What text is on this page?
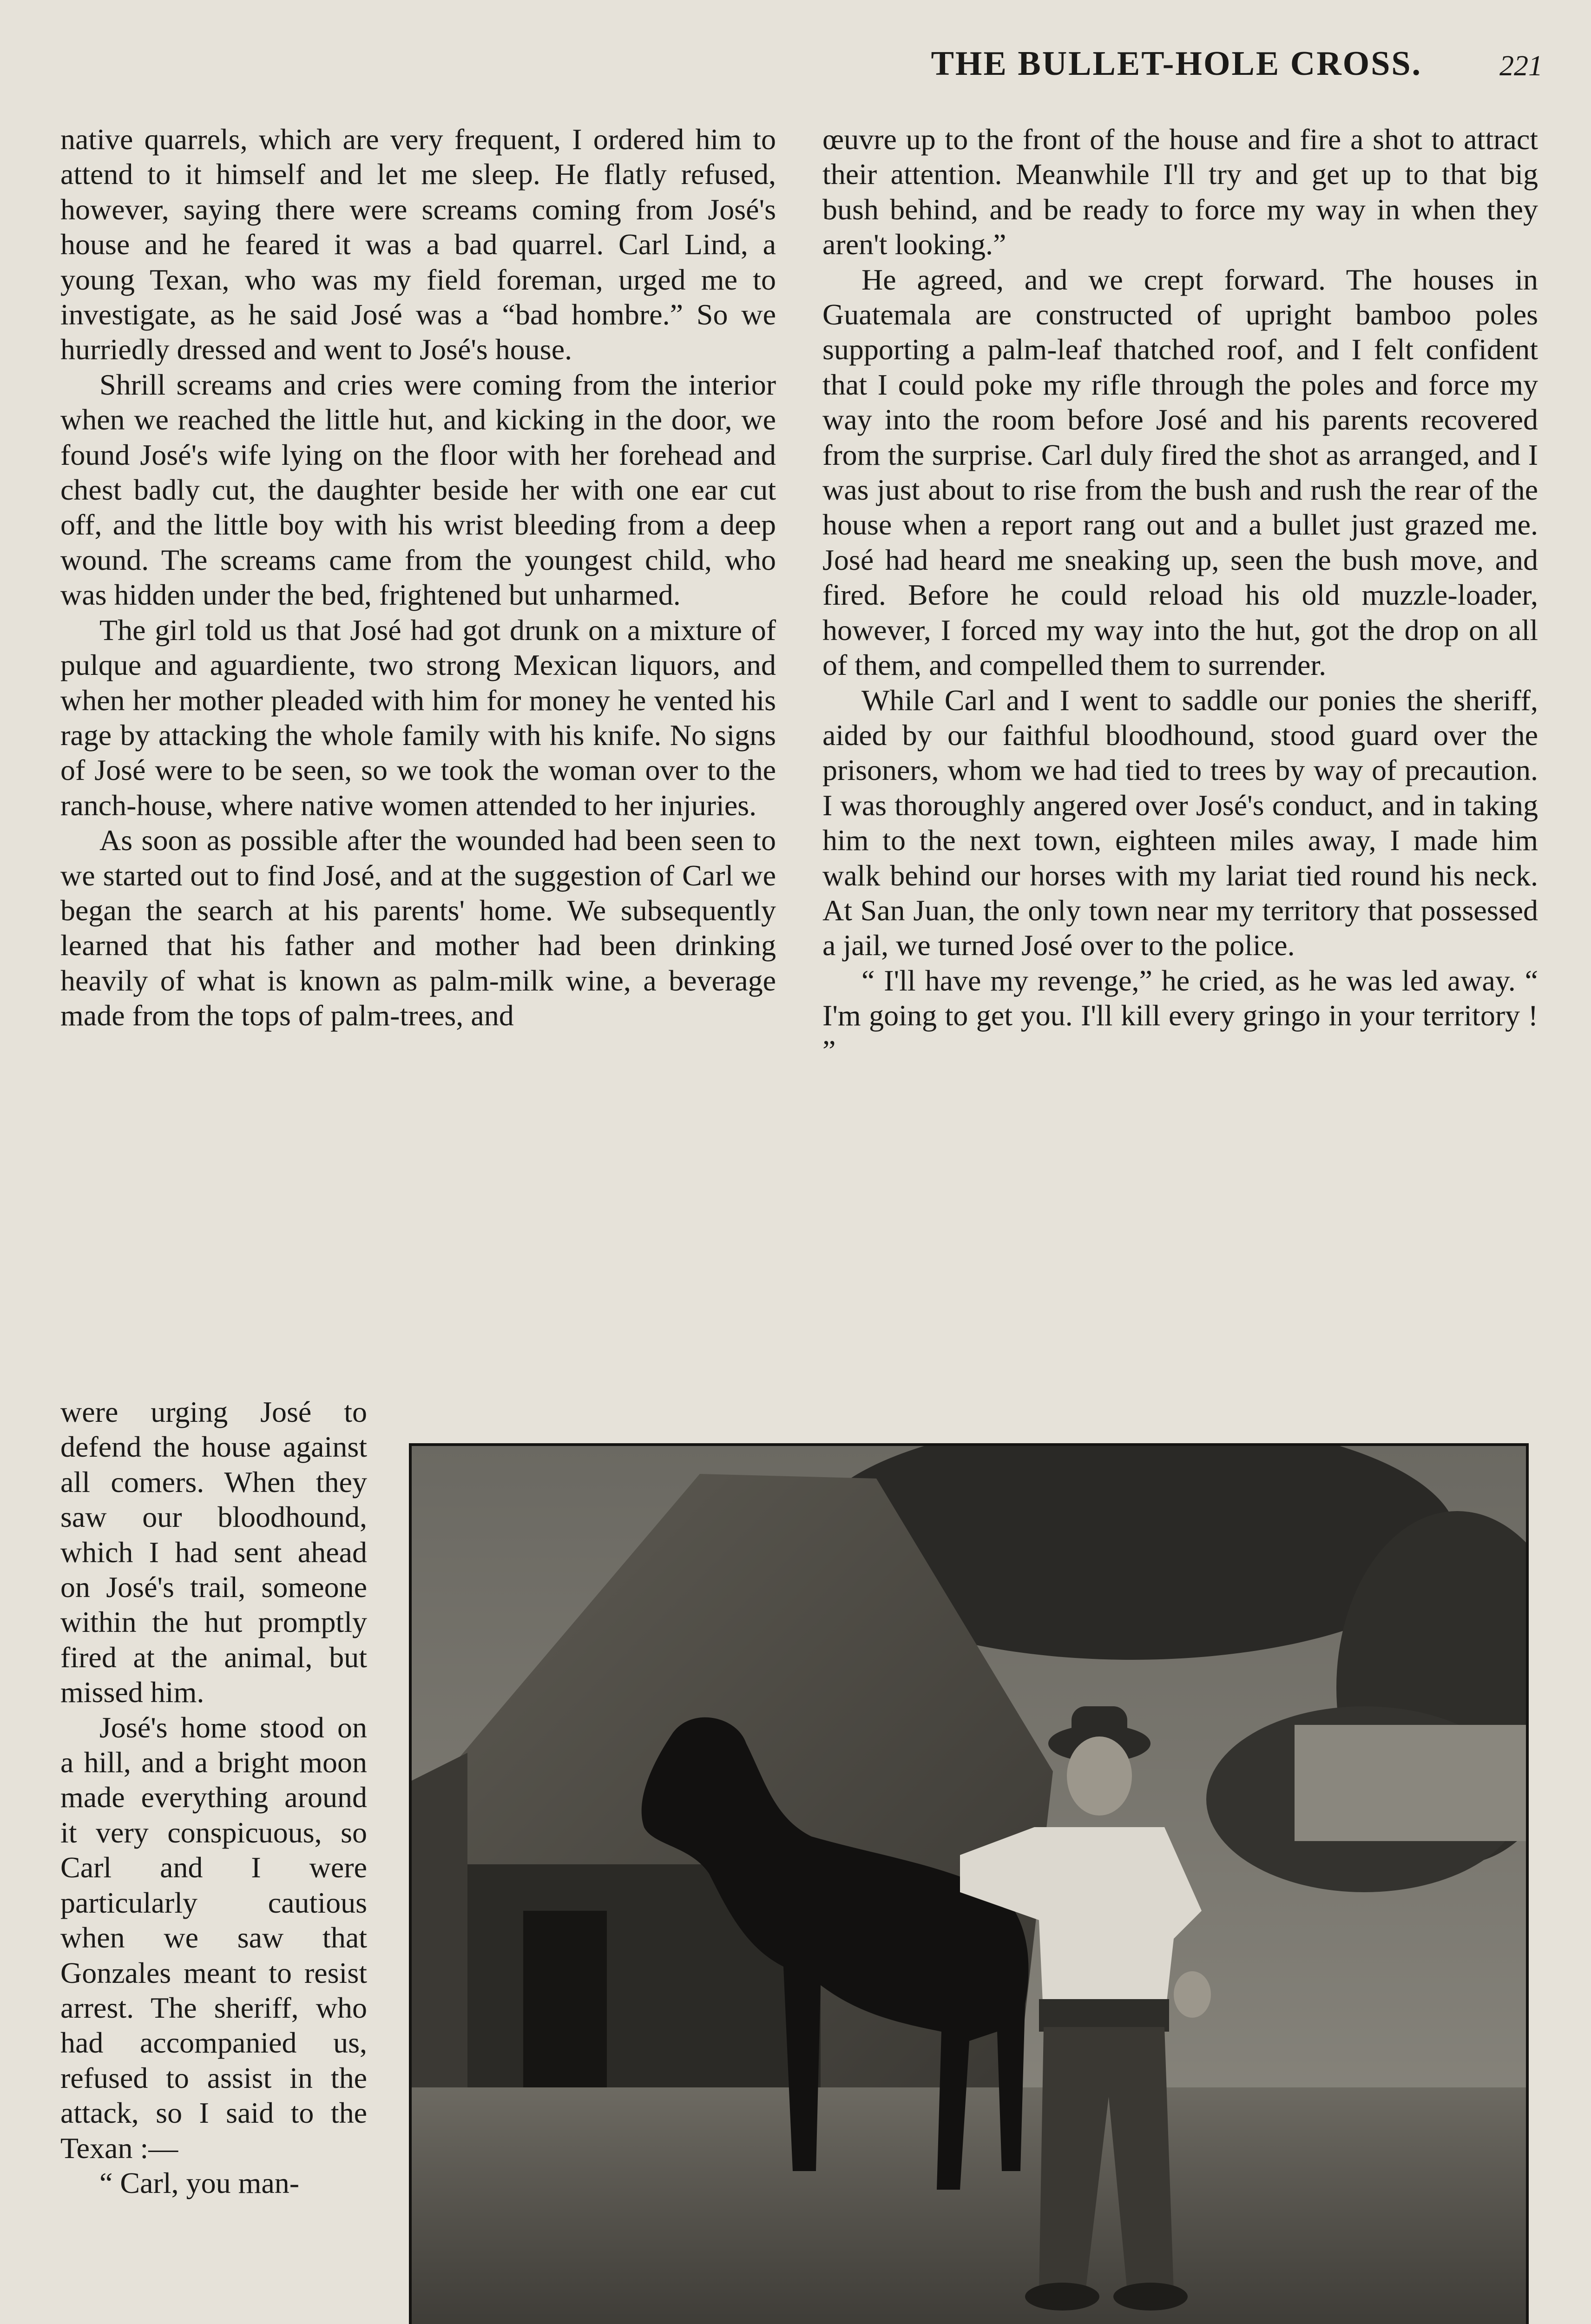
THE BULLET-HOLE CROSS.	221

native quarrels, which are very frequent, I ordered him to attend to it himself and let me sleep. He flatly refused, however, saying there were screams coming from José's house and he feared it was a bad quarrel. Carl Lind, a young Texan, who was my field foreman, urged me to investigate, as he said José was a “bad hombre.” So we hurriedly dressed and went to José's house.

Shrill screams and cries were coming from the interior when we reached the little hut, and kicking in the door, we found José's wife lying on the floor with her forehead and chest badly cut, the daughter beside her with one ear cut off, and the little boy with his wrist bleeding from a deep wound. The screams came from the youngest child, who was hidden under the bed, frightened but unharmed.

The girl told us that José had got drunk on a mixture of pulque and aguardiente, two strong Mexican liquors, and when her mother pleaded with him for money he vented his rage by attacking the whole family with his knife. No signs of José were to be seen, so we took the woman over to the ranch-house, where native women attended to her injuries.

As soon as possible after the wounded had been seen to we started out to find José, and at the suggestion of Carl we began the search at his parents' home. We subsequently learned that his father and mother had been drinking heavily of what is known as palm-milk wine, a beverage made from the tops of palm-trees, and

were urging José to defend the house against all comers. When they saw our bloodhound, which I had sent ahead on José's trail, someone within the hut promptly fired at the animal, but missed him.

José's home stood on a hill, and a bright moon made everything around it very conspicuous, so Carl and I were particularly cautious when we saw that Gonzales meant to resist arrest. The sheriff, who had accompanied us, refused to assist in the attack, so I said to the Texan :—

“ Carl, you man-

œuvre up to the front of the house and fire a shot to attract their attention. Meanwhile I'll try and get up to that big bush behind, and be ready to force my way in when they aren't looking.”

He agreed, and we crept forward. The houses in Guatemala are constructed of upright bamboo poles supporting a palm-leaf thatched roof, and I felt confident that I could poke my rifle through the poles and force my way into the room before José and his parents recovered from the surprise. Carl duly fired the shot as arranged, and I was just about to rise from the bush and rush the rear of the house when a report rang out and a bullet just grazed me. José had heard me sneaking up, seen the bush move, and fired. Before he could reload his old muzzle-loader, however, I forced my way into the hut, got the drop on all of them, and compelled them to surrender.

While Carl and I went to saddle our ponies the sheriff, aided by our faithful bloodhound, stood guard over the prisoners, whom we had tied to trees by way of precaution. I was thoroughly angered over José's conduct, and in taking him to the next town, eighteen miles away, I made him walk behind our horses with my lariat tied round his neck. At San Juan, the only town near my territory that possessed a jail, we turned José over to the police.

“ I'll have my revenge,” he cried, as he was led away. “ I'm going to get you. I'll kill every gringo in your territory ! ”
